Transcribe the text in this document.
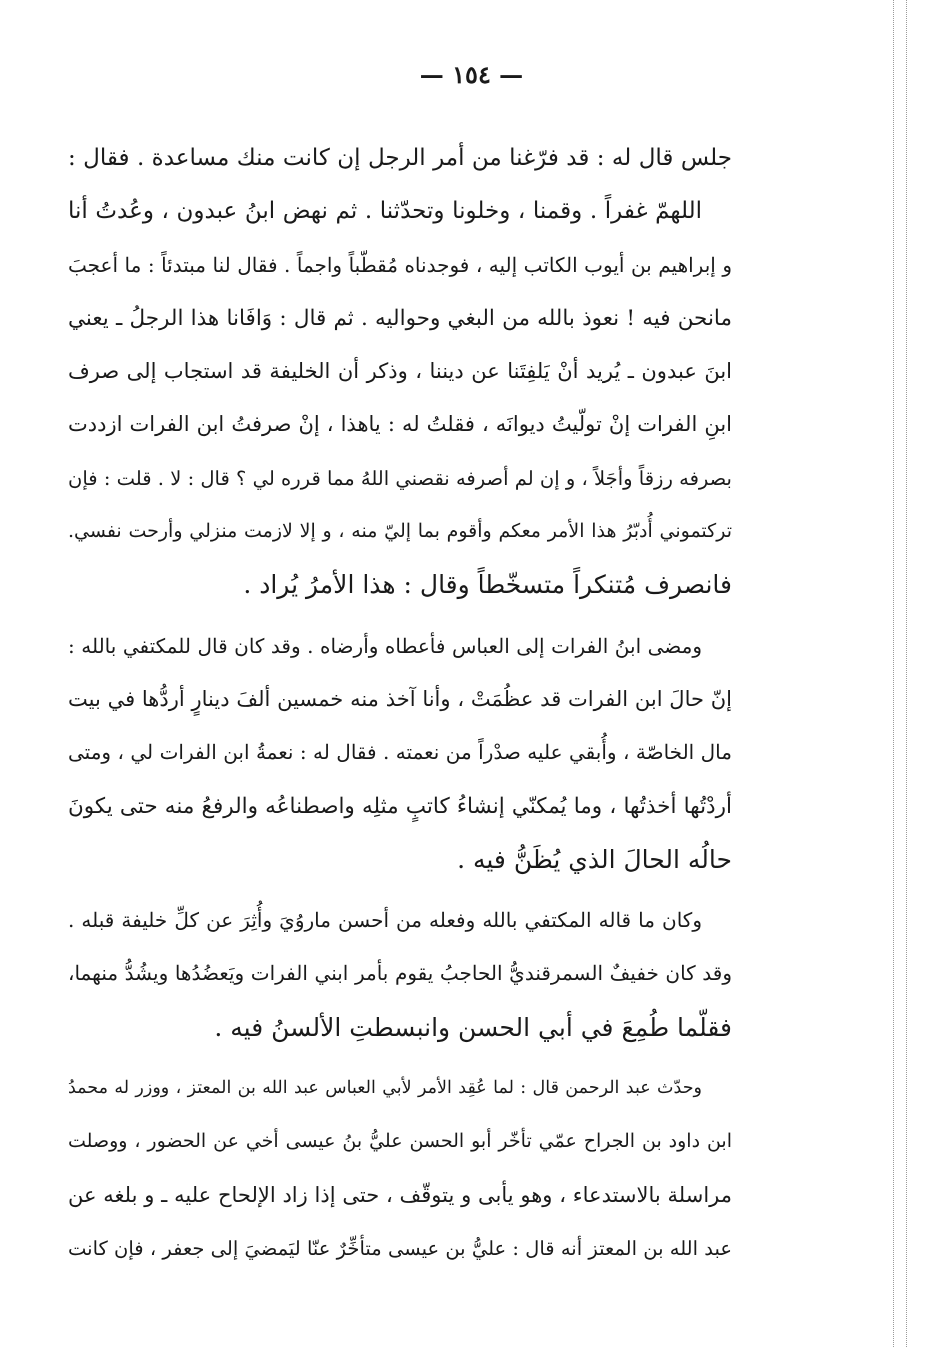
— ١٥٤ —
جلس قال له : قد فرّغنا من أمر الرجل إن كانت منك مساعدة . فقال :
اللهمّ غفراً . وقمنا ، وخلونا وتحدّثنا . ثم نهض ابنُ عبدون ، وعُدتُ أنا
و إبراهيم بن أيوب الكاتب إليه ، فوجدناه مُقطّباً واجماً . فقال لنا مبتدئاً : ما أعجبَ
مانحن فيه ! نعوذ بالله من البغي وحواليه . ثم قال : وَافَانا هذا الرجلُ ـ يعني
ابنَ عبدون ـ يُريد أنْ يَلفِتَنا عن ديننا ، وذكر أن الخليفة قد استجاب إلى صرف
ابنِ الفرات إنْ تولّيتُ ديوانَه ، فقلتُ له : ياهذا ، إنْ صرفتُ ابن الفرات ازددت
بصرفه رزقاً وأجَلاً ، و إن لم أصرفه نقصني اللهُ مما قرره لي ؟ قال : لا . قلت : فإن
تركتموني أُدبّرُ هذا الأمر معكم وأقوم بما إليّ منه ، و إلا لازمت منزلي وأرحت نفسي.
فانصرف مُتنكراً متسخّطاً وقال : هذا الأمرُ يُراد .
ومضى ابنُ الفرات إلى العباس فأعطاه وأرضاه . وقد كان قال للمكتفي بالله :
إنّ حالَ ابن الفرات قد عظُمَتْ ، وأنا آخذ منه خمسين ألفَ دينارٍ أردُّها في بيت
مال الخاصّة ، وأُبقي عليه صدْراً من نعمته . فقال له : نعمةُ ابن الفرات لي ، ومتى
أردْتُها أخذتُها ، وما يُمكنّي إنشاءُ كاتبٍ مثلِه واصطناعُه والرفعُ منه حتى يكونَ
حالُه الحالَ الذي يُظَنُّ فيه .
وكان ما قاله المكتفي بالله وفعله من أحسن ماروُيَ وأُثِرَ عن كلِّ خليفة قبله .
وقد كان خفيفٌ السمرقنديُّ الحاجبُ يقوم بأمر ابني الفرات ويَعضُدُها ويشُدُّ منهما،
فقلّما طُمِعَ في أبي الحسن وانبسطتِ الألسنُ فيه .
وحدّث عبد الرحمن قال : لما عُقِد الأمر لأبي العباس عبد الله بن المعتز ، ووزر له محمدُ
ابن داود بن الجراح عمّي تأخّر أبو الحسن عليُّ بنُ عيسى أخي عن الحضور ، ووصلت
مراسلة بالاستدعاء ، وهو يأبى و يتوقّف ، حتى إذا زاد الإلحاح عليه ـ و بلغه عن
عبد الله بن المعتز أنه قال : عليُّ بن عيسى متأخِّرٌ عنّا ليَمضيَ إلى جعفر ، فإن كانت
